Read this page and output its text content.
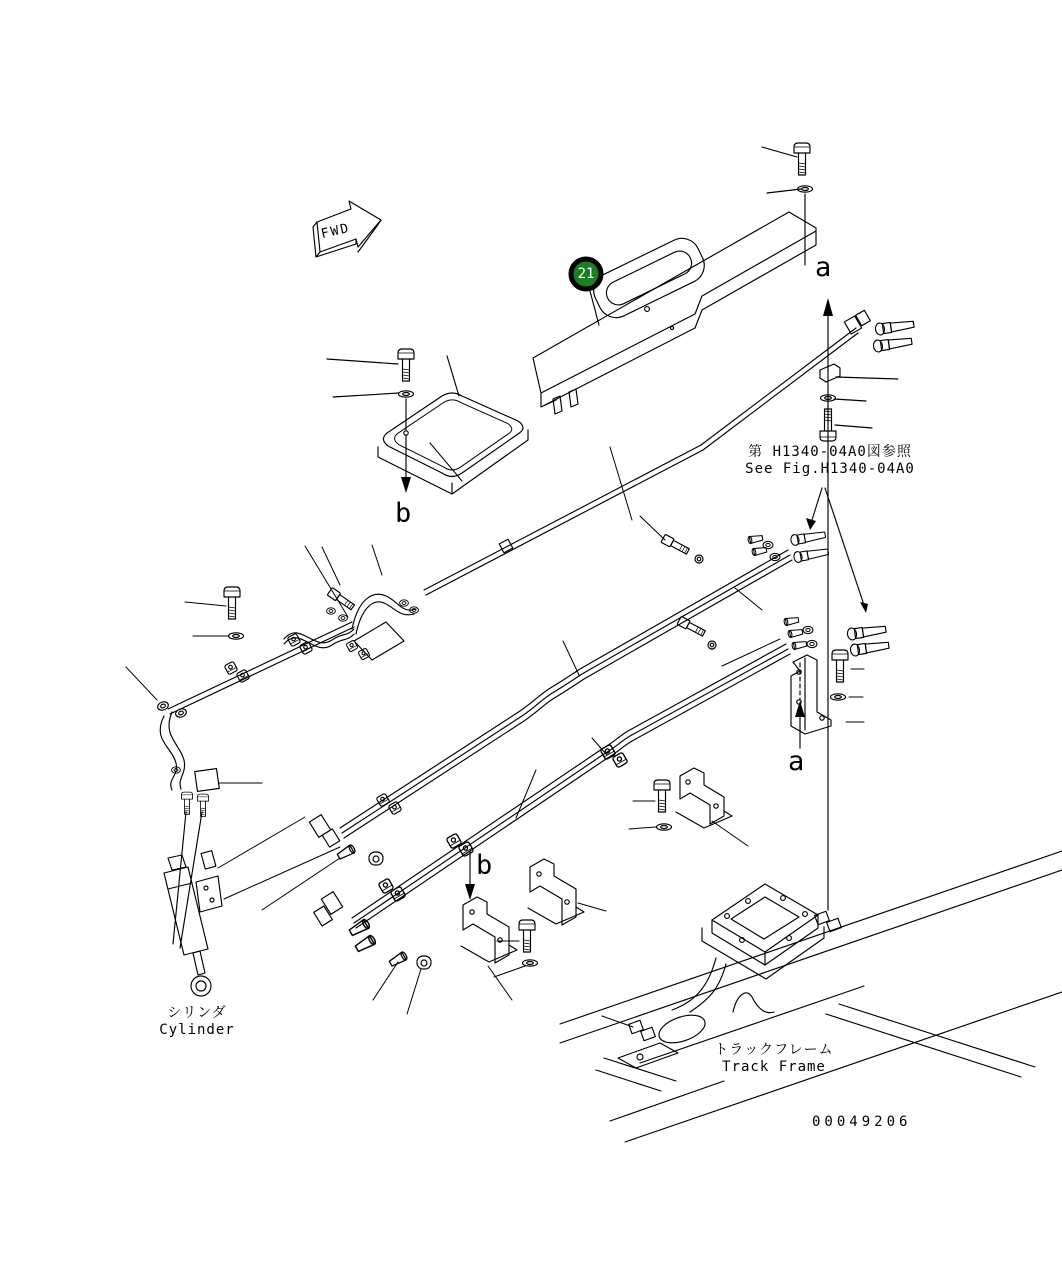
FWD
21
第 H1340-04A0図参照
See Fig.H1340-04A0
a
a
b
b
シリンダ
Cylinder
トラックフレーム
Track Frame
00049206
